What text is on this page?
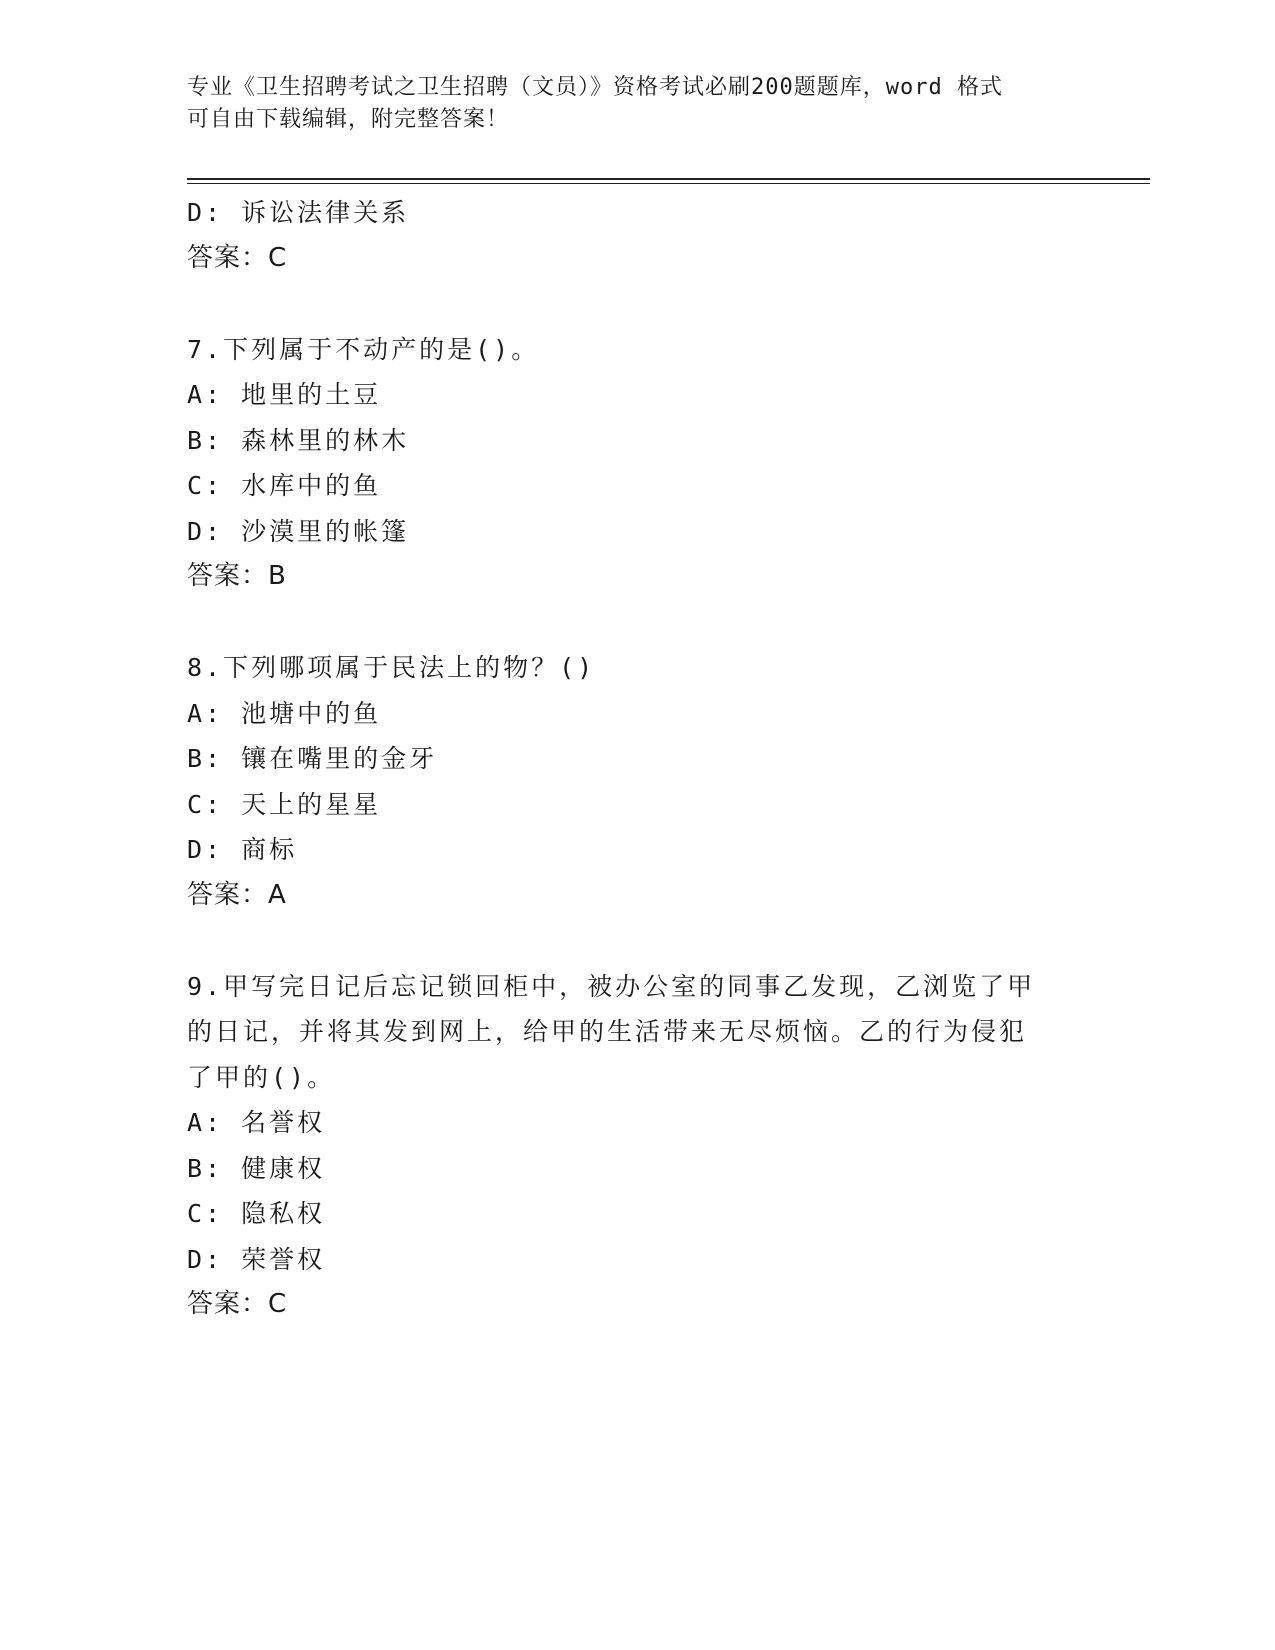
专业《卫生招聘考试之卫生招聘（文员）》资格考试必刷200题题库，word 格式
可自由下载编辑，附完整答案！
D: 诉讼法律关系
答案：C
7.下列属于不动产的是()。
A: 地里的土豆
B: 森林里的林木
C: 水库中的鱼
D: 沙漠里的帐篷
答案：B
8.下列哪项属于民法上的物？()
A: 池塘中的鱼
B: 镶在嘴里的金牙
C: 天上的星星
D: 商标
答案：A
9.甲写完日记后忘记锁回柜中，被办公室的同事乙发现，乙浏览了甲
的日记，并将其发到网上，给甲的生活带来无尽烦恼。乙的行为侵犯
了甲的()。
A: 名誉权
B: 健康权
C: 隐私权
D: 荣誉权
答案：C
